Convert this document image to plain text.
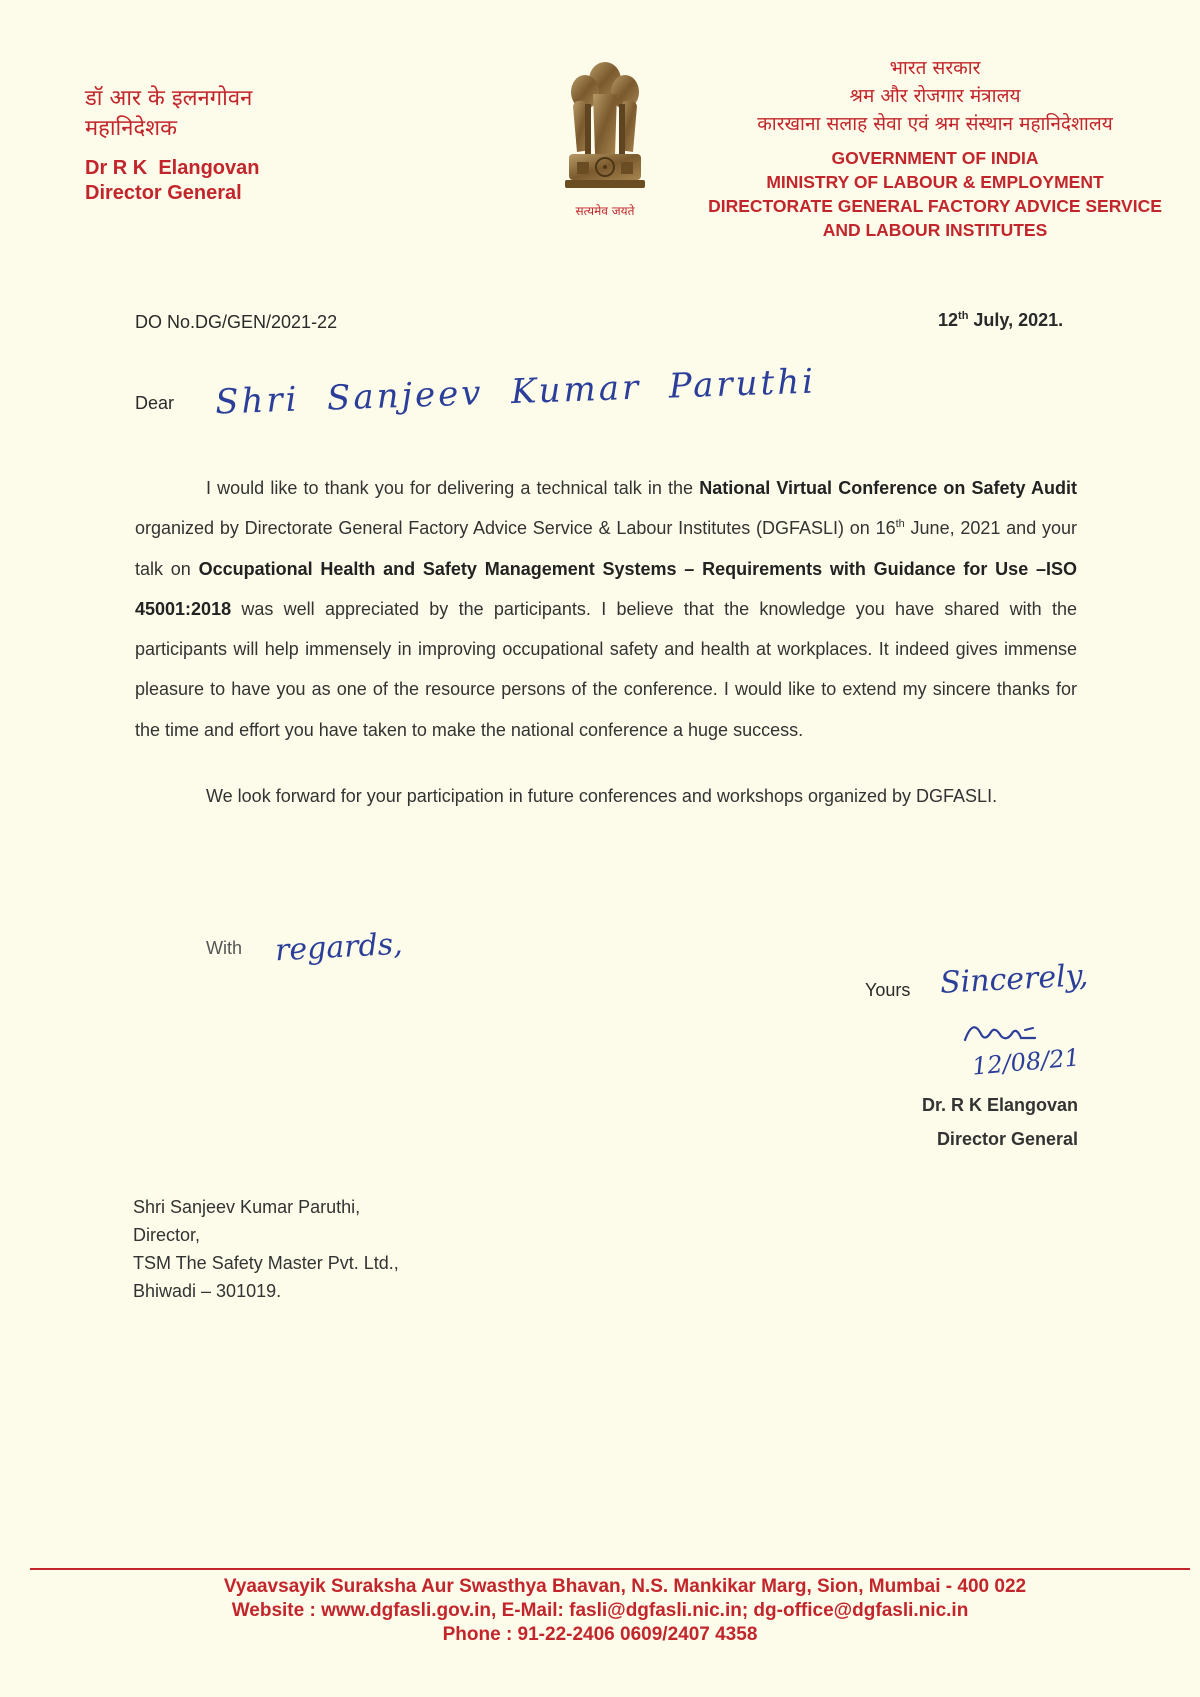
डॉ आर के इलनगोवन
महानिदेशक
Dr R K  Elangovan
Director General
सत्यमेव जयते
भारत सरकार
श्रम और रोजगार मंत्रालय
कारखाना सलाह सेवा एवं श्रम संस्थान महानिदेशालय
GOVERNMENT OF INDIA
MINISTRY OF LABOUR & EMPLOYMENT
DIRECTORATE GENERAL FACTORY ADVICE SERVICE
AND LABOUR INSTITUTES
DO No.DG/GEN/2021-22	12th July, 2021.
Dear Shri  Sanjeev  Kumar  Paruthi

I would like to thank you for delivering a technical talk in the National Virtual Conference on Safety Audit organized by Directorate General Factory Advice Service & Labour Institutes (DGFASLI) on 16th June, 2021 and your talk on Occupational Health and Safety Management Systems – Requirements with Guidance for Use –ISO 45001:2018 was well appreciated by the participants. I believe that the knowledge you have shared with the participants will help immensely in improving occupational safety and health at workplaces. It indeed gives immense pleasure to have you as one of the resource persons of the conference. I would like to extend my sincere thanks for the time and effort you have taken to make the national conference a huge success.

We look forward for your participation in future conferences and workshops organized by DGFASLI.

With regards,
Yours Sincerely,
12/08/21
Dr. R K Elangovan
Director General
Shri Sanjeev Kumar Paruthi,
Director,
TSM The Safety Master Pvt. Ltd.,
Bhiwadi – 301019.
Vyaavsayik Suraksha Aur Swasthya Bhavan, N.S. Mankikar Marg, Sion, Mumbai - 400 022
Website : www.dgfasli.gov.in, E-Mail: fasli@dgfasli.nic.in; dg-office@dgfasli.nic.in
Phone : 91-22-2406 0609/2407 4358
